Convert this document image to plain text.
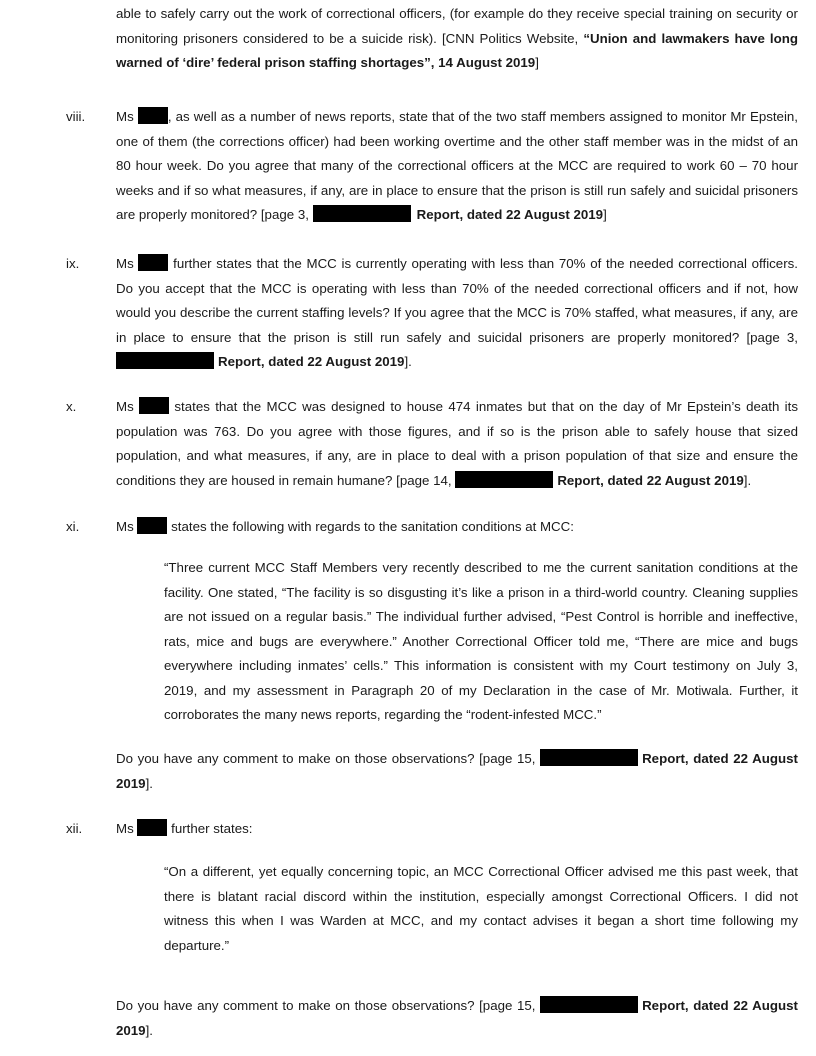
able to safely carry out the work of correctional officers, (for example do they receive special training on security or monitoring prisoners considered to be a suicide risk). [CNN Politics Website, “Union and lawmakers have long warned of ‘dire’ federal prison staffing shortages”, 14 August 2019]
viii. Ms	, as well as a number of news reports, state that of the two staff members assigned to monitor Mr Epstein, one of them (the corrections officer) had been working overtime and the other staff member was in the midst of an 80 hour week. Do you agree that many of the correctional officers at the MCC are required to work 60 – 70 hour weeks and if so what measures, if any, are in place to ensure that the prison is still run safely and suicidal prisoners are properly monitored? [page 3,	Report, dated 22 August 2019]
ix.	Ms	further states that the MCC is currently operating with less than 70% of the needed correctional officers. Do you accept that the MCC is operating with less than 70% of the needed correctional officers and if not, how would you describe the current staffing levels? If you agree that the MCC is 70% staffed, what measures, if any, are in place to ensure that the prison is still run safely and suicidal prisoners are properly monitored? [page 3, Report, dated 22 August 2019].
x.	Ms	states that the MCC was designed to house 474 inmates but that on the day of Mr Epstein’s death its population was 763. Do you agree with those figures, and if so is the prison able to safely house that sized population, and what measures, if any, are in place to deal with a prison population of that size and ensure the conditions they are housed in remain humane? [page 14,	Report, dated 22 August 2019].
xi.	Ms	states the following with regards to the sanitation conditions at MCC:
“Three current MCC Staff Members very recently described to me the current sanitation conditions at the facility. One stated, “The facility is so disgusting it’s like a prison in a third-world country. Cleaning supplies are not issued on a regular basis.” The individual further advised, “Pest Control is horrible and ineffective, rats, mice and bugs are everywhere.” Another Correctional Officer told me, “There are mice and bugs everywhere including inmates’ cells.” This information is consistent with my Court testimony on July 3, 2019, and my assessment in Paragraph 20 of my Declaration in the case of Mr. Motiwala. Further, it corroborates the many news reports, regarding the “rodent-infested MCC.”
Do you have any comment to make on those observations? [page 15,	Report, dated 22 August 2019].
xii.	Ms	further states:
“On a different, yet equally concerning topic, an MCC Correctional Officer advised me this past week, that there is blatant racial discord within the institution, especially amongst Correctional Officers. I did not witness this when I was Warden at MCC, and my contact advises it began a short time following my departure.”
Do you have any comment to make on those observations? [page 15,	Report, dated 22 August 2019].
